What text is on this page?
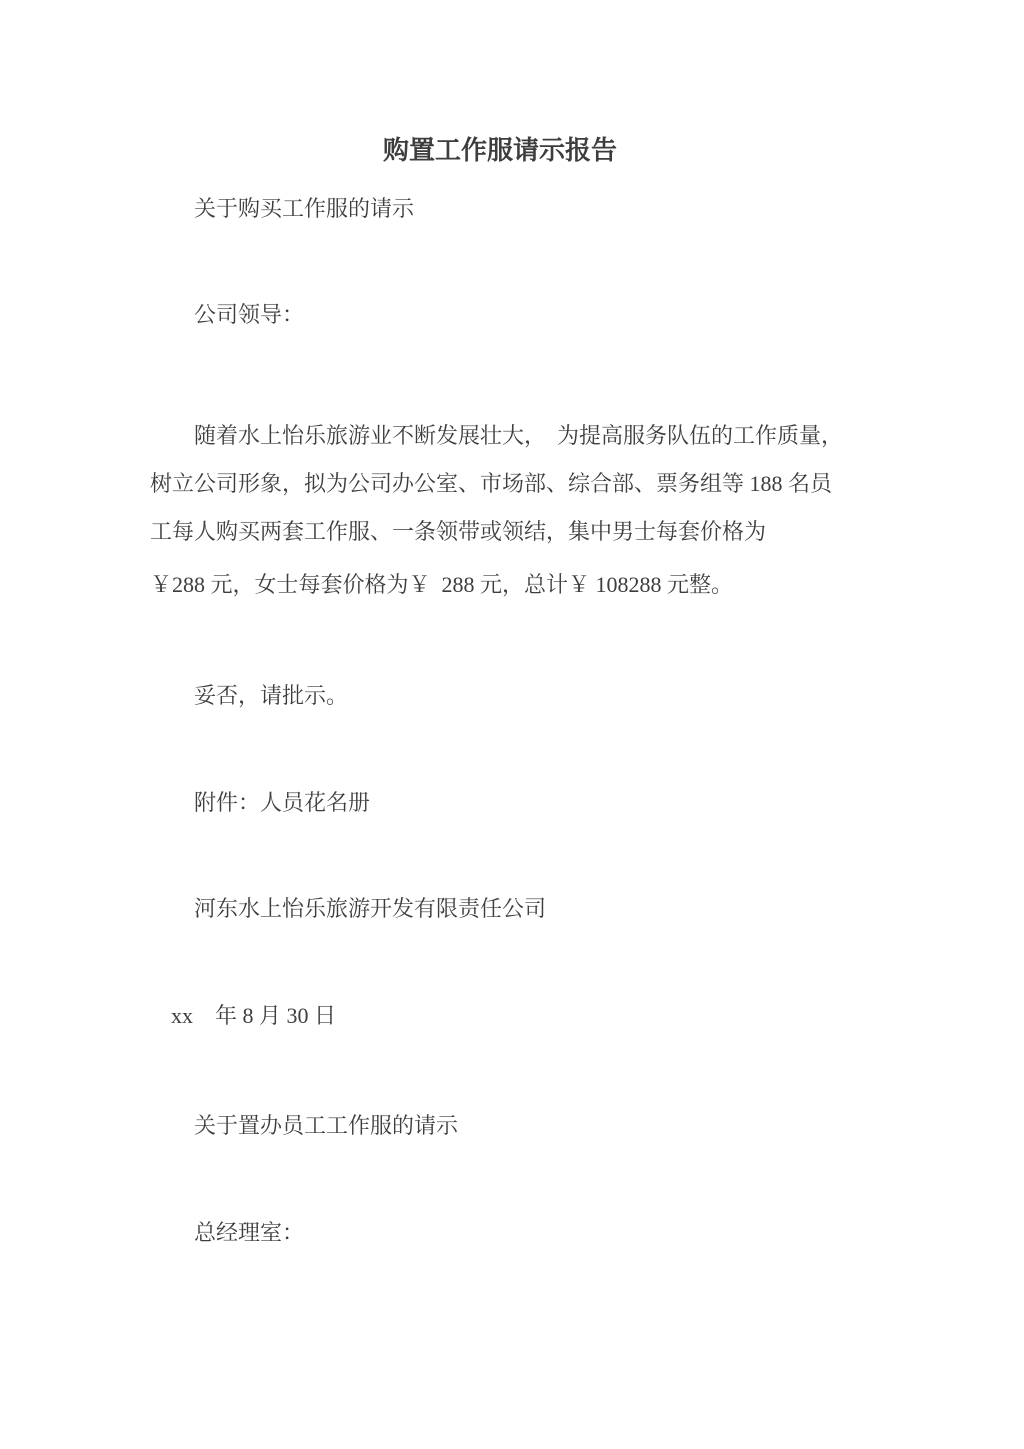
购置工作服请示报告
关于购买工作服的请示
公司领导：
随着水上怡乐旅游业不断发展壮大，　为提高服务队伍的工作质量，
树立公司形象，拟为公司办公室、市场部、综合部、票务组等 188 名员
工每人购买两套工作服、一条领带或领结，集中男士每套价格为
￥288 元，女士每套价格为￥  288 元，总计￥ 108288 元整。
妥否，请批示。
附件：人员花名册
河东水上怡乐旅游开发有限责任公司
xx　年 8 月 30 日
关于置办员工工作服的请示
总经理室：
